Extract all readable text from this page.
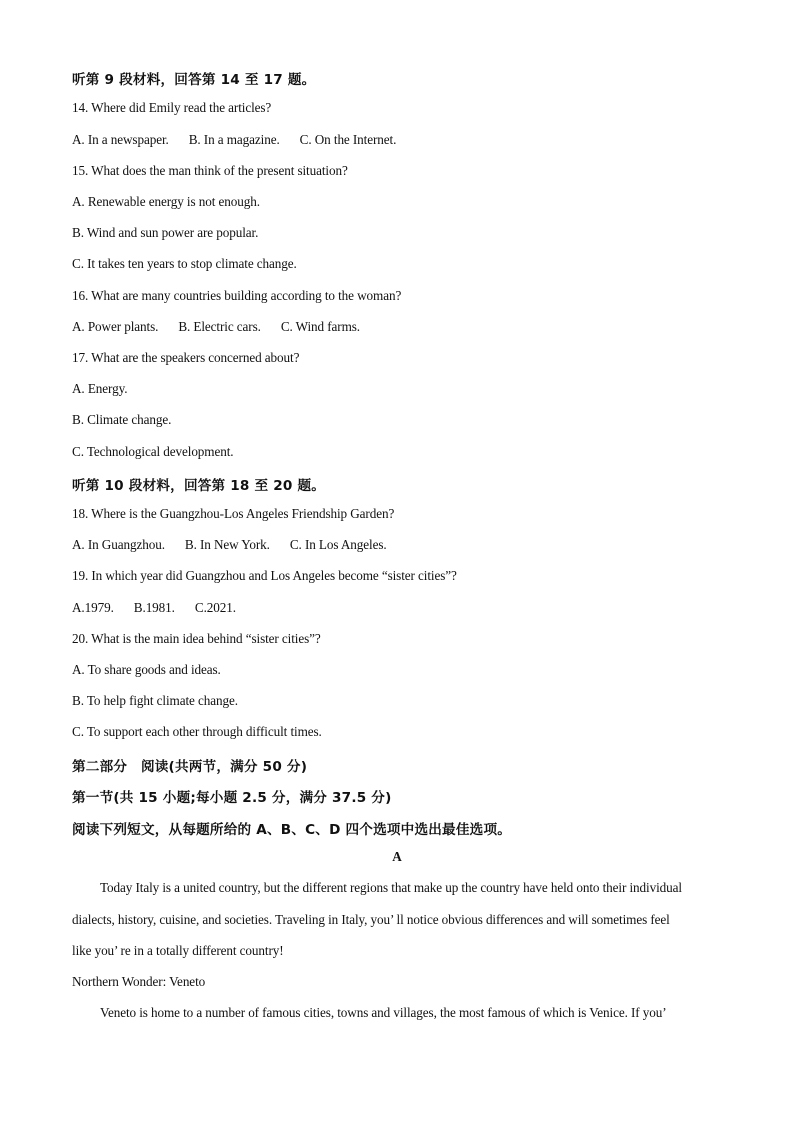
听第 9 段材料，回答第 14 至 17 题。
14. Where did Emily read the articles?
A. In a newspaper. B. In a magazine. C. On the Internet.
15. What does the man think of the present situation?
A. Renewable energy is not enough.
B. Wind and sun power are popular.
C. It takes ten years to stop climate change.
16. What are many countries building according to the woman?
A. Power plants. B. Electric cars. C. Wind farms.
17. What are the speakers concerned about?
A. Energy.
B. Climate change.
C. Technological development.
听第 10 段材料，回答第 18 至 20 题。
18. Where is the Guangzhou-Los Angeles Friendship Garden?
A. In Guangzhou. B. In New York. C. In Los Angeles.
19. In which year did Guangzhou and Los Angeles become “sister cities”?
A.1979. B.1981. C.2021.
20. What is the main idea behind “sister cities”?
A. To share goods and ideas.
B. To help fight climate change.
C. To support each other through difficult times.
第二部分　阅读(共两节，满分 50 分)
第一节(共 15 小题;每小题 2.5 分，满分 37.5 分)
阅读下列短文，从每题所给的 A、B、C、D 四个选项中选出最佳选项。
A
Today Italy is a united country, but the different regions that make up the country have held onto their individual
dialects, history, cuisine, and societies. Traveling in Italy, you’ ll notice obvious differences and will sometimes feel
like you’ re in a totally different country!
Northern Wonder: Veneto
Veneto is home to a number of famous cities, towns and villages, the most famous of which is Venice. If you’
